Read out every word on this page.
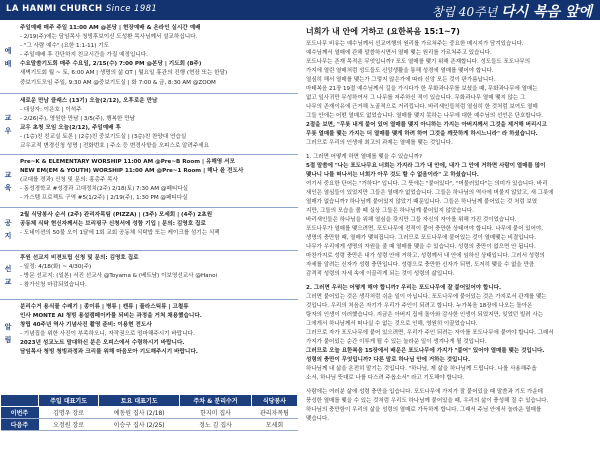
LA HANMI CHURCH Since 1981	창립 40주년 다시 복음 앞에
예
배
주일예배 매주 주일 11:00 AM @본당 | 현장예배 & 온라인 실시간 예배
- 2/19(주)에는 담임목사 청빙후보이신 도성환 목사님께서 설교하십니다.
- "그 사람 예수" (요한 1:1-11) 기도
- 주일예배 후 간단하지 친교시간을 가질 예정입니다.
수요말씀기도회 매주 수요일, 2/15(수) 7:00 PM @본당 | 기도회 (8주)
새벽기도회 월 ~ 토, 6:00 AM | 생명의 삶 QT | 월요일 휴관의 진행 (현장 또는 한달)
중보기도모임 주일, 9:30 AM @중보기도실 | 화 7:00 & 금, 8:30 AM @ZOOM
교
우
새로운 만남 클래스 (13기) 오늘(2/12), 오후로운 만남
- 대상자: 이은호 | 이석주
- 2/26(주), 영원한 만남 | 3/5(주), 행복한 만남
교우 초청 모임 오늘(2/12), 주일예배 후
- (1층)친 친교실 토론 | (2층)친 중보기도실 | (3층)친 찬양대 연습실
교우교적 변경신청 성명 | 전화번호 | 주소 등 변경사항을 오피스로 알려주세요
교
육
Pre~K & ELEMENTARY WORSHIP 11:00 AM @Pre~B Room | 유해영 서모
NEW EM(EM & YOUTH) WORSHIP 11:00 AM @Pre~1 Room | 해나 윤 전도사
(교대를 경과) 신청 및 문의: 홍총주 목사
- 동성경학교 #성경과 고대정치(2주) 2/18(토) 7:30 AM @페티다실
- 가스템 프로젝트 구역 #5(1/2주) | 2/19(주), 1:30 PM @페티다실
공
지
2월 식당봉사 순서 (2주) 관리자목팀 (PIZZA) | (3주) 모세회 | (4주) 2초원
공동체 식탁 현신자께서는 브리핑구 신청서에 성함 기입 | 문의: 김영호 집로
- 도네이션의 50불 오이 1달에 1회 교회 공동체 식탁밥 또는 케이크를 섬기는 식팩
선
교
후원 선교지 비젼트립 신청 및 문의: 김영호 집로
- 일정: 4/18(화) ~ 4/30(주)
- 방문 선교지: (일본) 서진 선교사 @Toyama & (베트남) 이보영선교사 @Hanoi
- 참가신청 마감되었습니다.
알
림
분리수거 용식물 수레기 | 종이류 | 병류 | 캔류 | 플라스틱류 | 고철류
인사 MONTE AI 청빙 용설캠페이카를 되비는 과정을 거쳐 채용했습니다.
창립 40주년 역사 기념사진 촬영 준비: 이용현 전도사
- 기념집을 위한 사진이 부족하오니, 자작권으로 엄마해주시기 바랍니다.
2023년 성교노트 말대하신 분은 오피스에서 수령하시기 바랍니다.
담임목사 청빙 청빙과정과 크리를 위해 마음모아 기도해주시기 바랍니다.
	주일 대표기도	토요 대표기도	주차 & 분리수거	식당봉사
이번주	김명우 장로	예동원 집사 (2/18)	한지미 집사	관리자목팀
다음주	오정원 장로	이승구 집사 (2/25)	정노 김 집사	모세회
너희가 내 안에 거하고 (요한복음 15:1~7)
포도나무 비유는 예수님께서 선교여행의 원리를 가르쳐주는 중요한 메시지가 담겨있습니다.
예수님께서 열매에 관해 말씀하시면서 열매 맺는 원리를 가르쳐주고 있습니다.
포도나무는 존재 목적은 무엇입니까? 포도 열매를 맺기 위해 존재합니다. 성도들도 포도나무의
가지에 열린 열매처럼 성도들도 신앙생활을 통해 성경에 열매를 맺어야 합니다.
열심히 해서 열매를 맺는가 그렇지 않은가에 따라 신앙 모든 것이 판가름납니다.
마태복음 21장 19절 예수님께서 길을 가시다가 한 무화과나무를 보셨을 때, 무화과나무에 열매는
없고 잎사귀만 무성하여서 그 나무를 저주하신 적이 있습니다. 무화과나무 열매 맺지 않는 그
나무의 존재이유에 근거해 노골적으로 거리낍니다. 바리새인들처럼 열심히 한 것처럼 보여도 열매
그들 안에는 어떤 열매도 없었습니다. 열매를 맺지 못하는 나무에 대한 예수님의 선언은 단호합니다.
2절을 보면, "무릇 내게 붙어 있어 열매를 맺지 아니하는 가지는 아버지께서 그것을 제거해 버리시고
무릇 열매를 맺는 가지는 더 열매를 맺게 하려 하여 그것을 깨끗하게 하시느니라" 라 하셨습니다.
그러므로 우리의 인생에 최고의 과제는 열매를 맺는 것입니다.
1. 그러면 어떻게 하면 열매를 맺을 수 있습니까?
5절 말씀에 "나는 포도나무요 너희는 가지라 그가 내 안에, 내가 그 안에 거하면 사람이 열매를 많이
맺나니 나를 떠나서는 너희가 아무 것도 할 수 없음이라" 고 하셨습니다.
여기서 중요한 단어는 "거하다" 입니다. 그 뜻에는 "붙어있다", "머물러있다"는 의미가 있습니다. 바리
새인은 열심들이 있었지만 그들은 열매가 없었습니다. 그들은 하나님의 역사에 머물지 않았고, 새 그릇에
열매가 없습니까? 하나님께 붙어있지 않았기 때문입니다. 그들은 하나님께 붙어있는 것 처럼 보였
지만, 그들의 모습을 볼 때 실상 그들은 하나님께 붙어있지 않았습니다.
바리새인들은 하나님을 위해 열심을 갖지만 그들 자신의 자아를 위해 가진 것이었습니다.
포도나무가 열매를 맺으려면, 포도나무에 전적이 붙어 충만한 상태여야 합니다. 나무에 붙어 있어야,
생명의 충만함 때, 열매가 맺혀집니다. 그러므로 포도나무에 붙어있는 것이 열매맺는 비결입니다.
나무가 우리에게 생명의 자원을 줄 때 열매를 맺을 수 있습니다. 성령의 충만이 없으면 안 됩니다.
마찬가지로 성령 충만은 내가 성령 안에 거하고, 성령께서 내 안에 임하신 상태입니다. 그러서 성령의
자세를 알려는 신자가 성령 충만입니다. 성령으로 충만한 신자가 되면, 도저히 맺을 수 없을 만큼
감격적 성령의 자세 속에 이끌리게 되는 것이 성령의 삶입니다.
2. 그러면 우리는 어떻게 해야 합니까? 우리는 포도나무에 잘 붙어있어야 합니다.
그러면 붙어있는 것은 생각처럼 쉬운 일이 아닙니다. 포도나무에 붙어있는 것은 가지로서 관계를 맺는
것입니다. 우리의 처음은 자기가 우리가 주인이 되려고 합니다. 누가복음 18장에 나오는 돌아온
탕자의 인생이 이러했습니다. 지금은 아버지 집에 돌아와 감사한 인생이 되었지만, 잊었던 빌려 사는
그에게서 하나님께서 떠나실 수 없는 것으로 인해, 영원히 이끌었습니다.
그러므로 자가 포도나무에 붙어 있으려면, 우리가 주인 되려는 자아를 포도나무에 붙여야 합니다. 그래서
가지가 붙어있는 순간 이루게 될 수 있는 놀라운 일이 생겨나게 될 것입니다.
그러므로 오늘 요한복음 15장에서 배운은 포도나무에 가지가 "붙어" 있어야 열매를 맺는 것입니다.
성령의 충만이 무엇입니까? 다른 말로 하나님 안에 거하는 것입니다.
하나님께 내 삶을 온전히 맡기는 것입니다. "하나님, 제 삶을 하나님께 드립니다. 나를 사용해주옵
소서, 하나님 뜻대로 나를 다스려 주옵소서" 라고 기도해야 합니다.
사람에는 여러분 삶에 성령 충만을 입습니다. 포도나무에 가지가 잘 붙어있을 때 말씀과 기도 가운데
풍성한 열매를 맺을 수 있는 것처럼 우리도 하나님께 붙어있을 때, 우리의 삶이 풍성해 질 수 있습니다.
하나님의 충만함이 우리의 삶을 성령의 열매로 가득하게 합니다. 그래서 주님 안에서 놀라운 열매를
맺습니다.
